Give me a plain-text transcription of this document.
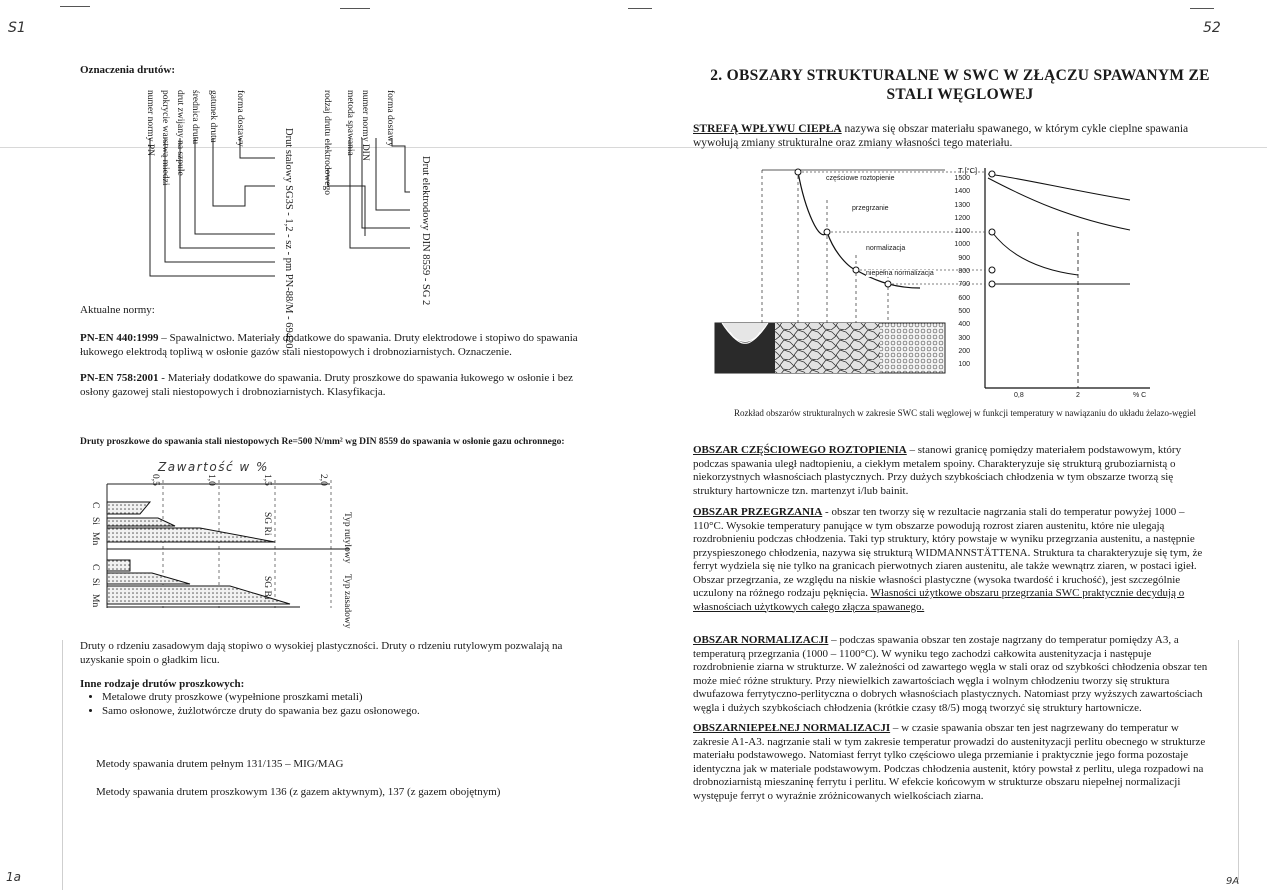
S1	52
1a	9A
Oznaczenia drutów:
numer normy PN pokrycie warstwą miedzi drut zwijany na szpule średnica drutu gatunek drutu forma dostawy
Drut stalowy SG3S - 1,2 - sz - pm PN-88/M - 69420	rodzaj drutu elektrodowego metoda spawania numer normy DIN forma dostawy
Drut elektrodowy DIN 8559 - SG 2
Aktualne normy:
PN-EN 440:1999 – Spawalnictwo. Materiały dodatkowe do spawania. Druty elektrodowe i stopiwo do spawania łukowego elektrodą topliwą w osłonie gazów stali niestopowych i drobnoziarnistych. Oznaczenie.
PN-EN 758:2001 - Materiały dodatkowe do spawania. Druty proszkowe do spawania łukowego w osłonie i bez osłony gazowej stali niestopowych i drobnoziarnistych. Klasyfikacja.
Druty proszkowe do spawania stali niestopowych Re=500 N/mm² wg DIN 8559 do spawania w osłonie gazu ochronnego:
Zawartość w %
0,5	1,0	1,5	2,0
C
Si
Mn
C
Si
Mn
SG Ri
SG Bi
Typ rutylowy
Typ zasadowy
Druty o rdzeniu zasadowym dają stopiwo o wysokiej plastyczności. Druty o rdzeniu rutylowym pozwalają na uzyskanie spoin o gładkim licu.
Inne rodzaje drutów proszkowych:
• Metalowe druty proszkowe (wypełnione proszkami metali)
• Samo osłonowe, żużlotwórcze druty do spawania bez gazu osłonowego.
Metody spawania drutem pełnym 131/135 – MIG/MAG
Metody spawania drutem proszkowym 136 (z gazem aktywnym), 137 (z gazem obojętnym)
2. OBSZARY STRUKTURALNE W SWC W ZŁĄCZU SPAWANYM ZE STALI WĘGLOWEJ
STREFĄ WPŁYWU CIEPŁA nazywa się obszar materiału spawanego, w którym cykle cieplne spawania wywołują zmiany strukturalne oraz zmiany własności tego materiału.
T [°C]
1500
1400
1300
1200
1100
1000
900
800
700
600
500
400
300
200
100
0,8	2	% C
częściowe roztopienie
przegrzanie
normalizacja
niepełna normalizacja
Rozkład obszarów strukturalnych w zakresie SWC stali węglowej w funkcji temperatury w nawiązaniu do układu żelazo-węgiel
OBSZAR CZĘŚCIOWEGO ROZTOPIENIA – stanowi granicę pomiędzy materiałem podstawowym, który podczas spawania uległ nadtopieniu, a ciekłym metalem spoiny. Charakteryzuje się strukturą gruboziarnistą o niekorzystnych własnościach plastycznych. Przy dużych szybkościach chłodzenia w tym obszarze tworzą się struktury hartownicze tzn. martenzyt i/lub bainit.
OBSZAR PRZEGRZANIA - obszar ten tworzy się w rezultacie nagrzania stali do temperatur powyżej 1000 – 110°C. Wysokie temperatury panujące w tym obszarze powodują rozrost ziaren austenitu, które nie ulegają rozdrobnieniu podczas chłodzenia. Taki typ struktury, który powstaje w wyniku przegrzania austenitu, a następnie przyspieszonego chłodzenia, nazywa się strukturą WIDMANNSTÄTTENA. Struktura ta charakteryzuje się tym, że ferryt wydziela się nie tylko na granicach pierwotnych ziaren austenitu, ale także wewnątrz ziaren, w postaci igieł. Obszar przegrzania, ze względu na niskie własności plastyczne (wysoka twardość i kruchość), jest szczególnie uczulony na różnego rodzaju pęknięcia. Własności użytkowe obszaru przegrzania SWC praktycznie decydują o własnościach użytkowych całego złącza spawanego.
OBSZAR NORMALIZACJI – podczas spawania obszar ten zostaje nagrzany do temperatur pomiędzy A3, a temperaturą przegrzania (1000 – 1100°C). W wyniku tego zachodzi całkowita austenityzacja i następuje rozdrobnienie ziarna w strukturze. W zależności od zawartego węgla w stali oraz od szybkości chłodzenia obszar ten może mieć różne struktury. Przy niewielkich zawartościach węgla i wolnym chłodzeniu tworzy się struktura dwufazowa ferrytyczno-perlityczna o dobrych własnościach plastycznych. Natomiast przy wyższych zawartościach węgla i dużych szybkościach chłodzenia (krótkie czasy t8/5) mogą tworzyć się struktury hartownicze.
OBSZARNIEPEŁNEJ NORMALIZACJI – w czasie spawania obszar ten jest nagrzewany do temperatur w zakresie A1-A3. nagrzanie stali w tym zakresie temperatur prowadzi do austenityzacji perlitu obecnego w strukturze materiału podstawowego. Natomiast ferryt tylko częściowo ulega przemianie i praktycznie jego forma pozostaje identyczna jak w materiale podstawowym. Podczas chłodzenia austenit, który powstał z perlitu, ulega rozpadowi na drobnoziarnistą mieszaninę ferrytu i perlitu. W efekcie końcowym w strukturze obszaru niepełnej normalizacji występuje ferryt o wyraźnie zróżnicowanych wielkościach ziarna.
